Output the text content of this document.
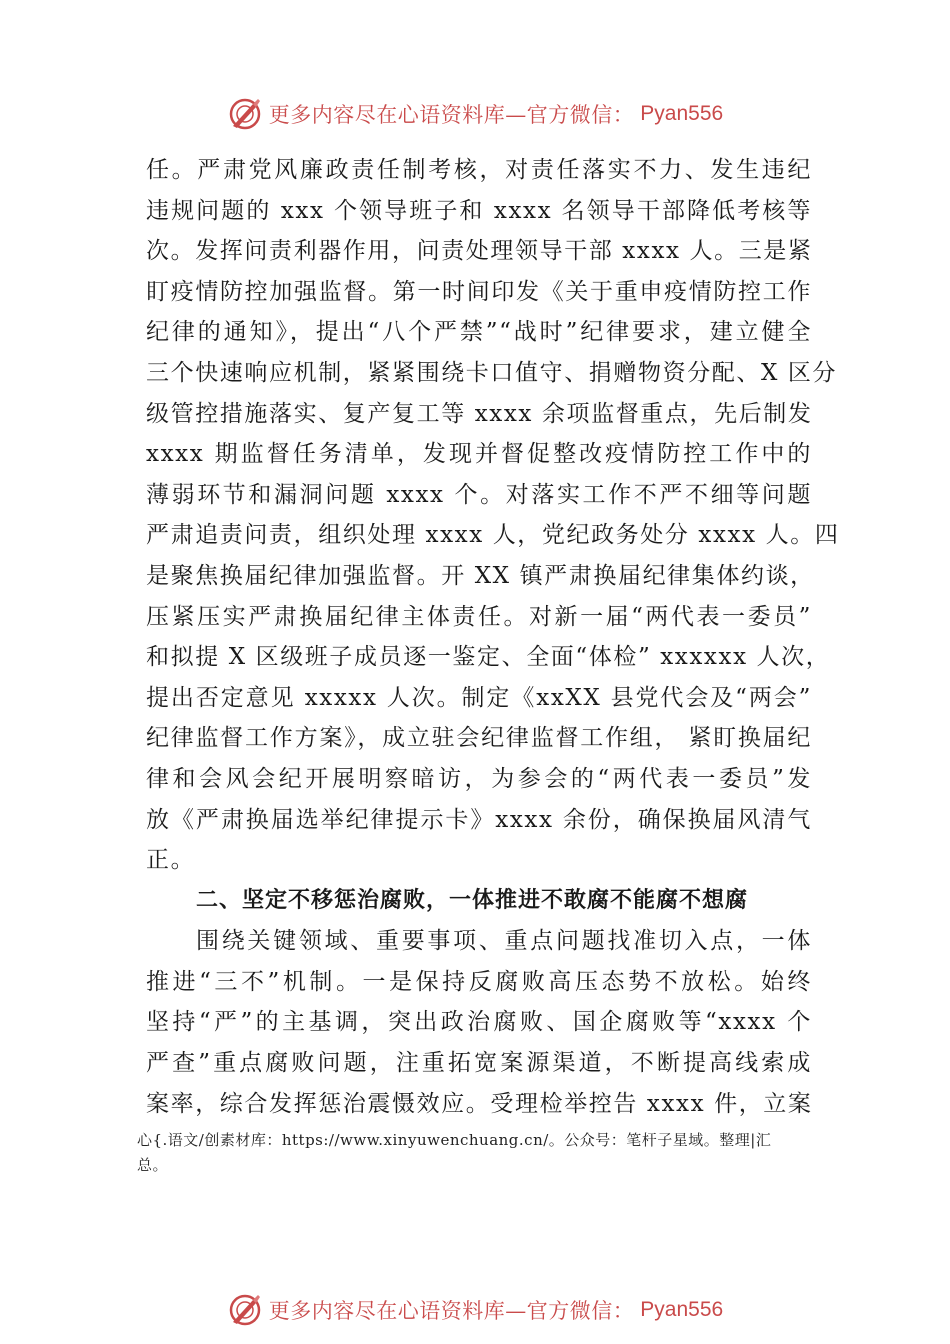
更多内容尽在心语资料库—官方微信： Pyan556
任。严肃党风廉政责任制考核，对责任落实不力、发生违纪
违规问题的 xxx 个领导班子和 xxxx 名领导干部降低考核等
次。发挥问责利器作用，问责处理领导干部 xxxx 人。三是紧
盯疫情防控加强监督。第一时间印发《关于重申疫情防控工作
纪律的通知》，提出“八个严禁”“战时”纪律要求，建立健全
三个快速响应机制，紧紧围绕卡口值守、捐赠物资分配、X 区分
级管控措施落实、复产复工等 xxxx 余项监督重点，先后制发
xxxx 期监督任务清单，发现并督促整改疫情防控工作中的
薄弱环节和漏洞问题 xxxx 个。对落实工作不严不细等问题
严肃追责问责，组织处理 xxxx 人，党纪政务处分 xxxx 人。四
是聚焦换届纪律加强监督。开 XX 镇严肃换届纪律集体约谈，
压紧压实严肃换届纪律主体责任。对新一届“两代表一委员”
和拟提 X 区级班子成员逐一鉴定、全面“体检” xxxxxx 人次，
提出否定意见 xxxxx 人次。制定《xxXX 县党代会及“两会”
纪律监督工作方案》，成立驻会纪律监督工作组， 紧盯换届纪
律和会风会纪开展明察暗访，为参会的“两代表一委员”发
放《严肃换届选举纪律提示卡》xxxx 余份，确保换届风清气
正。
二、坚定不移惩治腐败，一体推进不敢腐不能腐不想腐
围绕关键领域、重要事项、重点问题找准切入点，一体
推进“三不”机制。一是保持反腐败高压态势不放松。始终
坚持“严”的主基调，突出政治腐败、国企腐败等“xxxx 个
严查”重点腐败问题，注重拓宽案源渠道，不断提高线索成
案率，综合发挥惩治震慑效应。受理检举控告 xxxx 件，立案
心{.语文/创素材库：https://www.xinyuwenchuang.cn/。公众号：笔杆子星域。整理|汇
总。
更多内容尽在心语资料库—官方微信： Pyan556
